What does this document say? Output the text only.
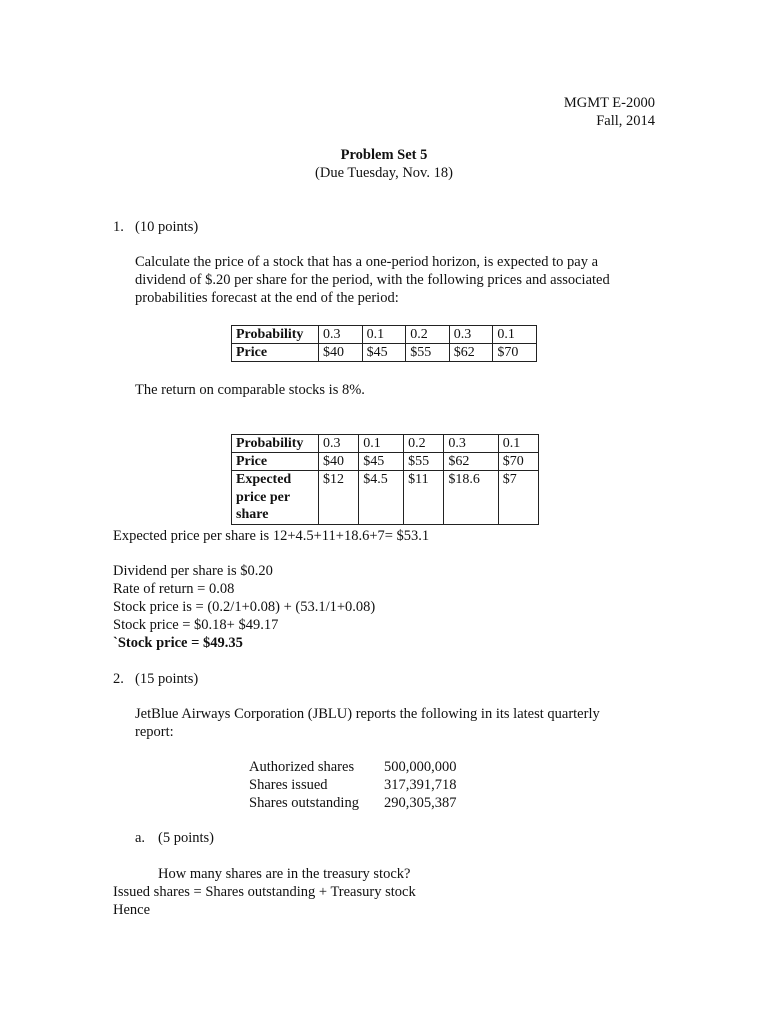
MGMT E-2000
Fall, 2014
Problem Set 5
(Due Tuesday, Nov. 18)
1. (10 points)
Calculate the price of a stock that has a one-period horizon, is expected to pay a
dividend of $.20 per share for the period, with the following prices and associated
probabilities forecast at the end of the period:
Probability	0.3	0.1	0.2	0.3	0.1
Price	$40	$45	$55	$62	$70
The return on comparable stocks is 8%.
Probability	0.3	0.1	0.2	0.3	0.1
Price	$40	$45	$55	$62	$70
Expected price per share	$12	$4.5	$11	$18.6	$7
Expected price per share is 12+4.5+11+18.6+7= $53.1
Dividend per share is $0.20
Rate of return = 0.08
Stock price is = (0.2/1+0.08) + (53.1/1+0.08)
Stock price = $0.18+ $49.17
`Stock price = $49.35
2. (15 points)
JetBlue Airways Corporation (JBLU) reports the following in its latest quarterly
report:
Authorized shares	500,000,000
Shares issued	317,391,718
Shares outstanding	290,305,387
a. (5 points)
How many shares are in the treasury stock?
Issued shares = Shares outstanding + Treasury stock
Hence
